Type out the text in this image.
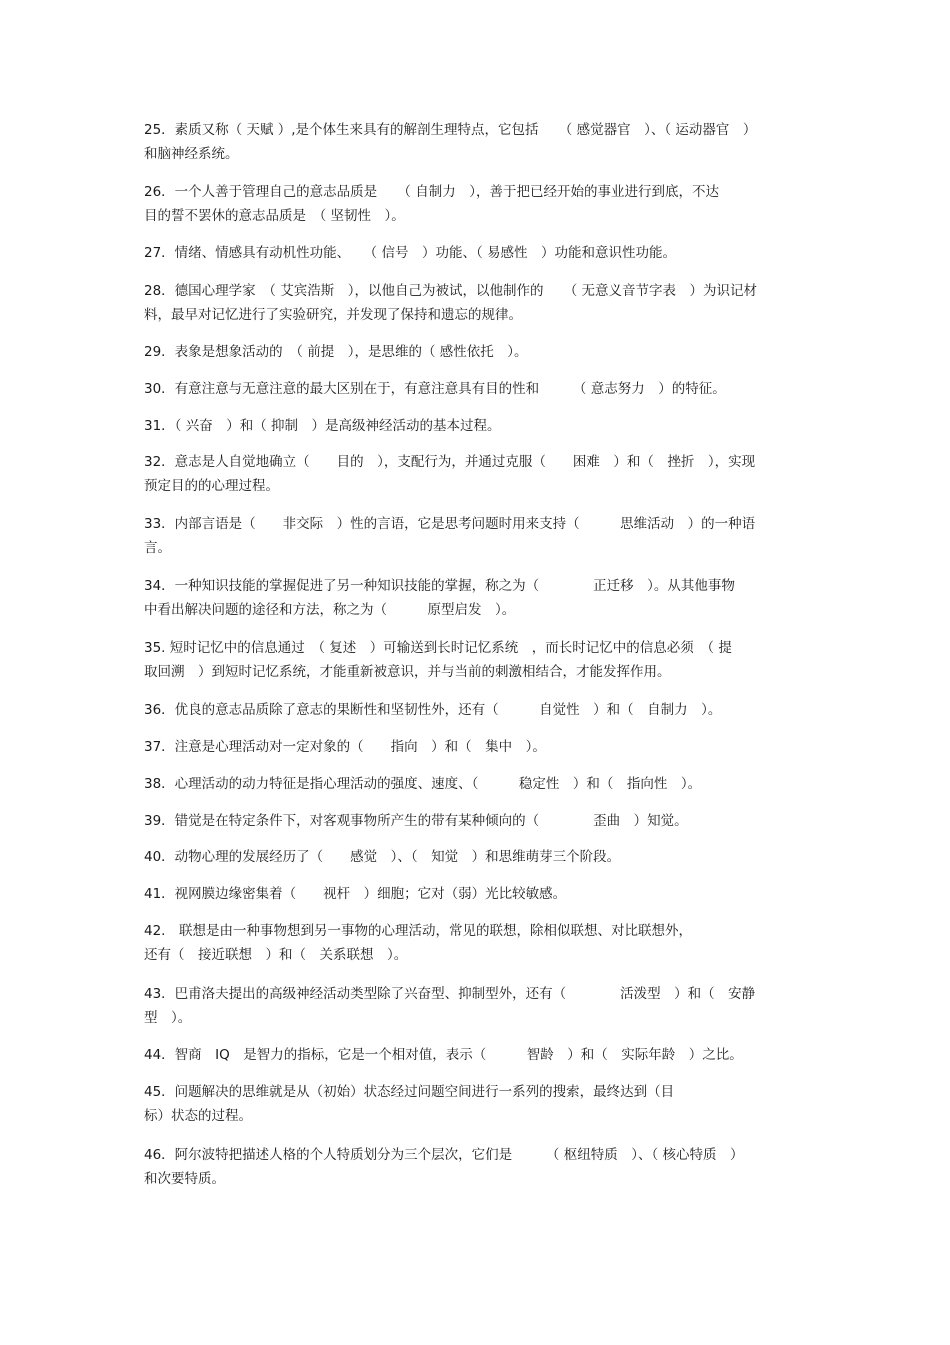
25．素质又称（ 天赋 ）,是个体生来具有的解剖生理特点，它包括　　（ 感觉器官　）、（ 运动器官　）
和脑神经系统。

26．一个人善于管理自己的意志品质是　　（ 自制力　），善于把已经开始的事业进行到底，不达
目的誓不罢休的意志品质是　（ 坚韧性　）。

27．情绪、情感具有动机性功能、　　（ 信号　）功能、（ 易感性　）功能和意识性功能。

28．德国心理学家　（ 艾宾浩斯　），以他自己为被试，以他制作的　　（ 无意义音节字表　）为识记材
料，最早对记忆进行了实验研究，并发现了保持和遗忘的规律。

29．表象是想象活动的　（ 前提　），是思维的（ 感性依托　）。

30．有意注意与无意注意的最大区别在于，有意注意具有目的性和　　　（ 意志努力　）的特征。

31．（ 兴奋　）和（ 抑制　）是高级神经活动的基本过程。

32．意志是人自觉地确立（　　目的　），支配行为，并通过克服（　　困难　）和（　挫折　），实现
预定目的的心理过程。

33．内部言语是（　　非交际　）性的言语，它是思考问题时用来支持（　　　思维活动　）的一种语
言。

34．一种知识技能的掌握促进了另一种知识技能的掌握，称之为（　　　　正迁移　）。从其他事物
中看出解决问题的途径和方法，称之为（　　　原型启发　）。

35. 短时记忆中的信息通过　（ 复述　）可输送到长时记忆系统　，而长时记忆中的信息必须　（ 提
取回溯　）到短时记忆系统，才能重新被意识，并与当前的刺激相结合，才能发挥作用。

36．优良的意志品质除了意志的果断性和坚韧性外，还有（　　　自觉性　）和（　自制力　）。

37．注意是心理活动对一定对象的（　　指向　）和（　集中　）。

38．心理活动的动力特征是指心理活动的强度、速度、（　　　稳定性　）和（　指向性　）。

39．错觉是在特定条件下，对客观事物所产生的带有某种倾向的（　　　　歪曲　）知觉。

40．动物心理的发展经历了（　　感觉　）、（　知觉　）和思维萌芽三个阶段。

41．视网膜边缘密集着（　　视杆　）细胞；它对（弱）光比较敏感。

42.　联想是由一种事物想到另一事物的心理活动，常见的联想，除相似联想、对比联想外，
还有（　接近联想　）和（　关系联想　）。

43．巴甫洛夫提出的高级神经活动类型除了兴奋型、抑制型外，还有（　　　　活泼型　）和（　安静
型　）。

44．智商　IQ　是智力的指标，它是一个相对值，表示（　　　智龄　）和（　实际年龄　）之比。

45．问题解决的思维就是从（初始）状态经过问题空间进行一系列的搜索，最终达到（目
标）状态的过程。

46．阿尔波特把描述人格的个人特质划分为三个层次，它们是　　　（ 枢纽特质　）、（ 核心特质　）
和次要特质。
